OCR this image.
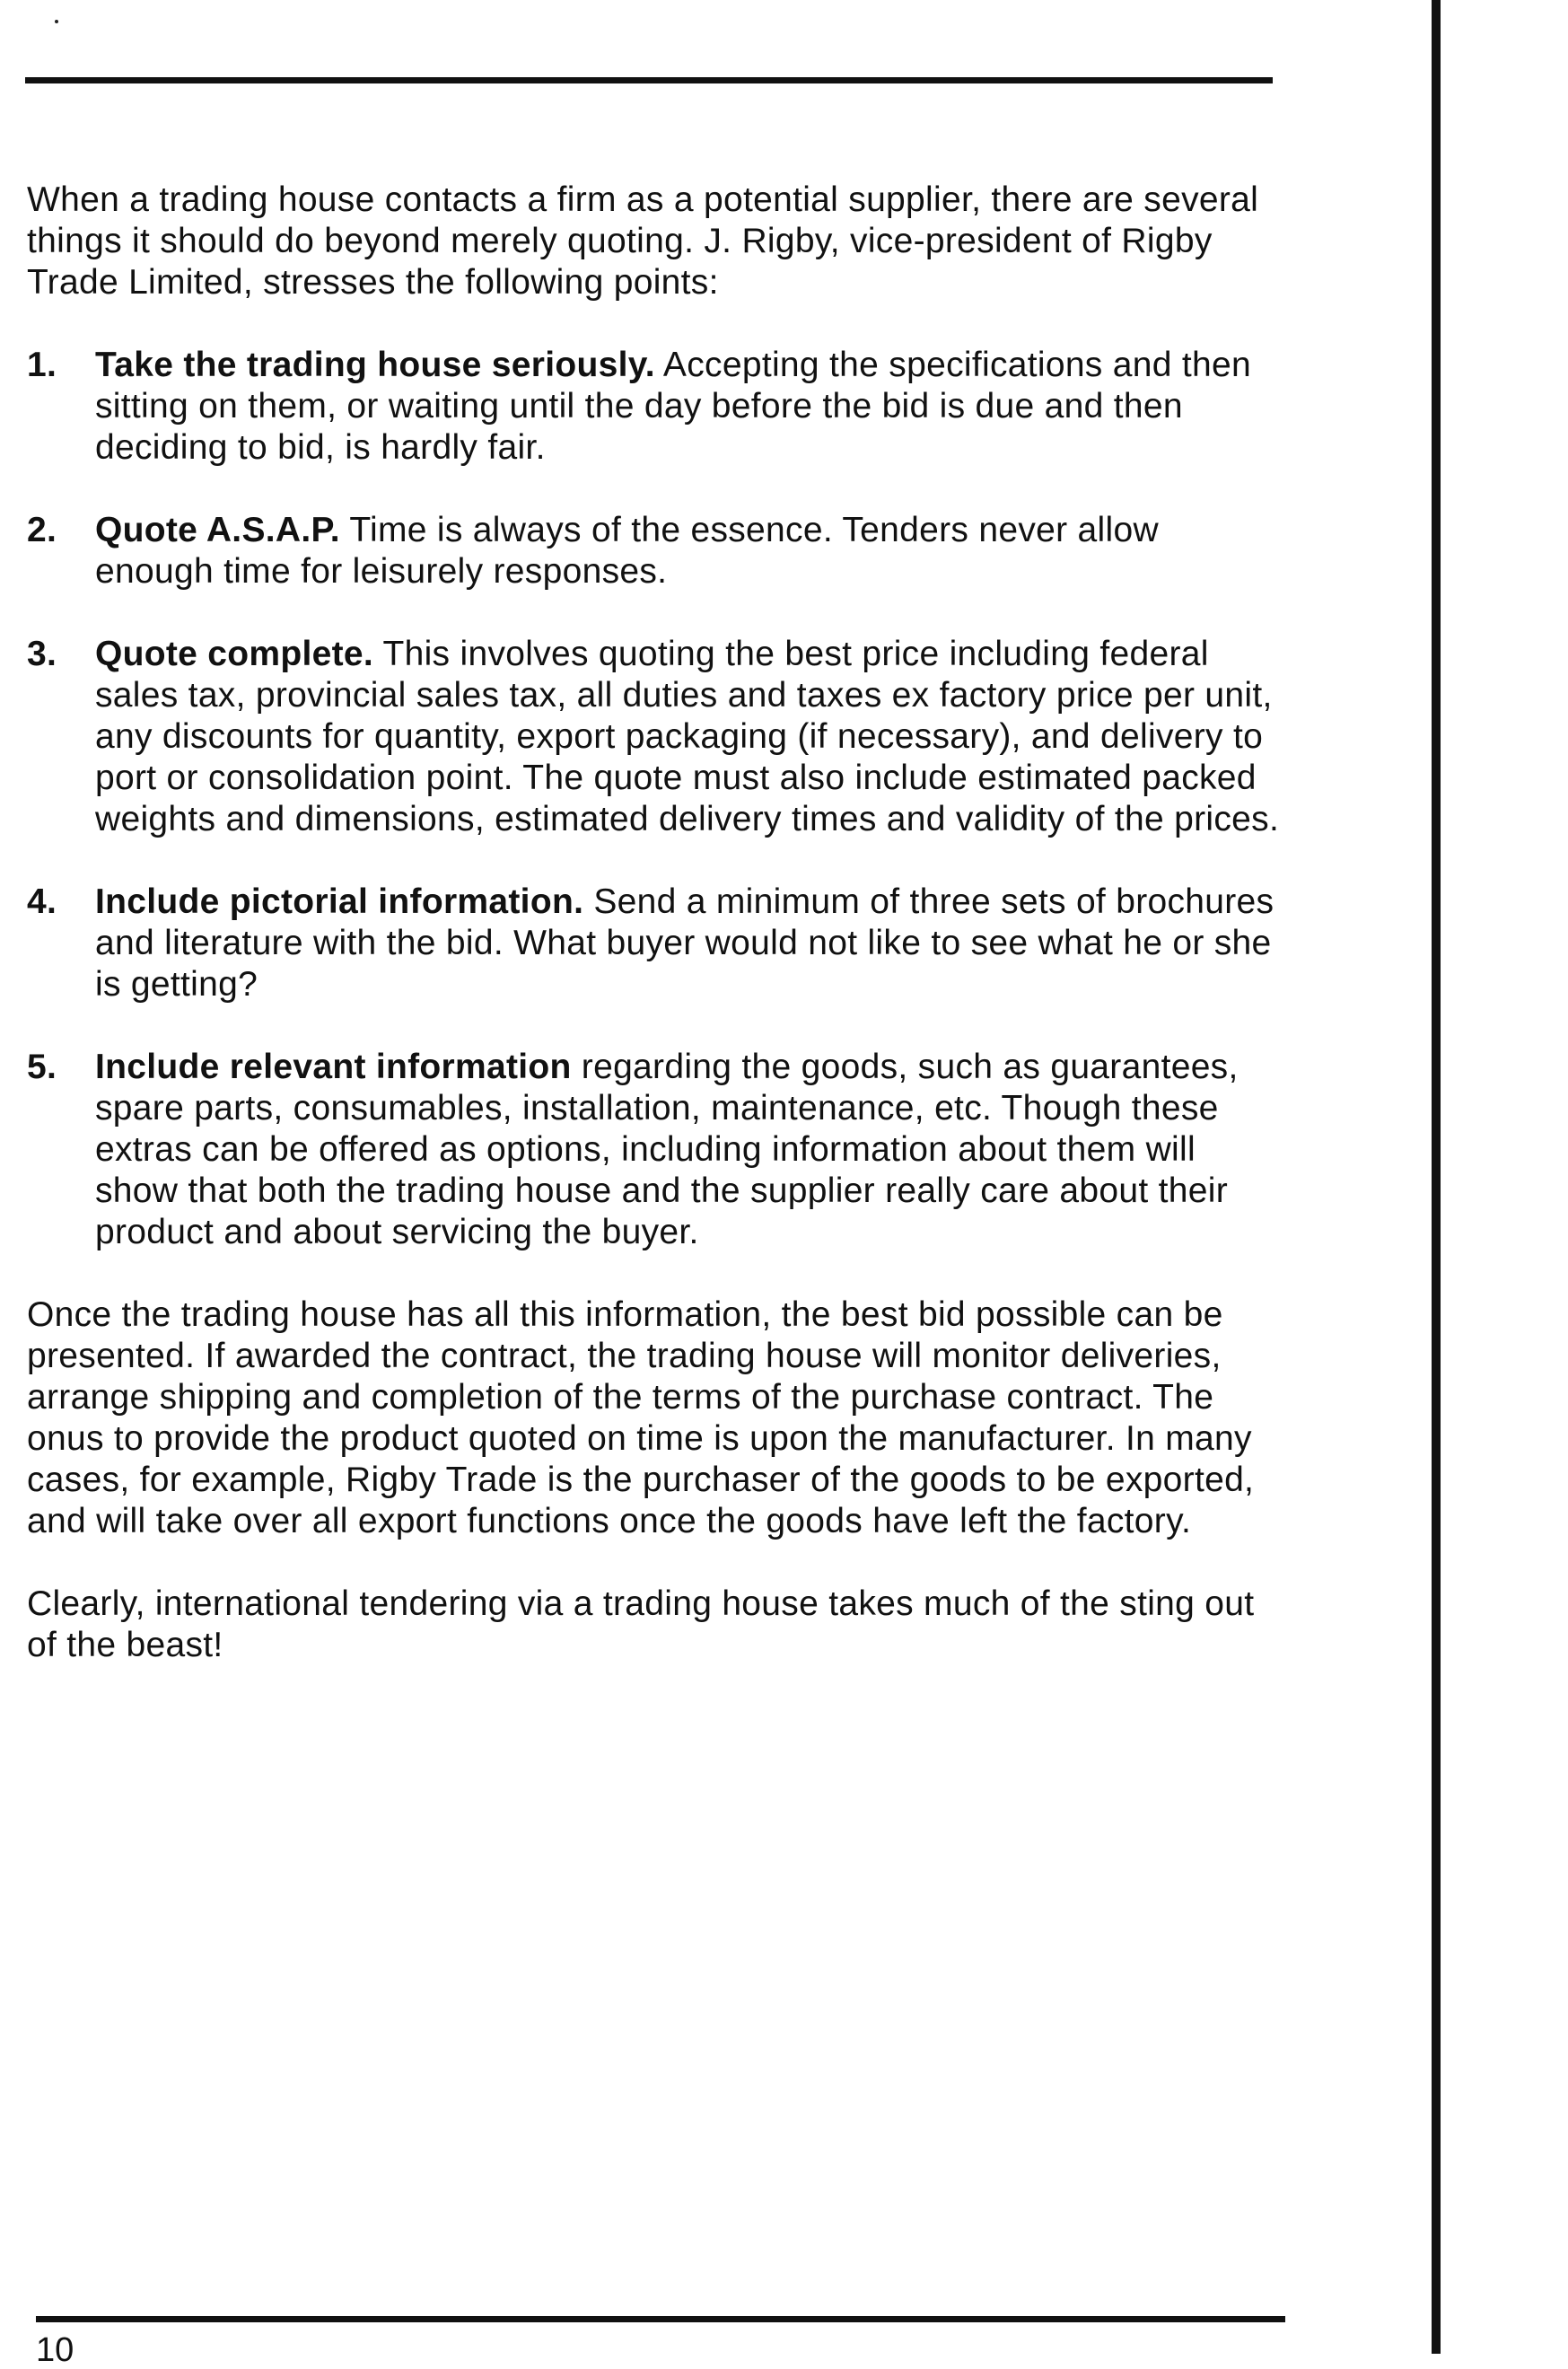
When a trading house contacts a firm as a potential supplier, there are several things it should do beyond merely quoting. J. Rigby, vice-president of Rigby Trade Limited, stresses the following points:

1.	Take the trading house seriously. Accepting the specifications and then sitting on them, or waiting until the day before the bid is due and then deciding to bid, is hardly fair.
2.	Quote A.S.A.P. Time is always of the essence. Tenders never allow enough time for leisurely responses.
3.	Quote complete. This involves quoting the best price including federal sales tax, provincial sales tax, all duties and taxes ex factory price per unit, any discounts for quantity, export packaging (if necessary), and delivery to port or consolidation point. The quote must also include estimated packed weights and dimensions, estimated delivery times and validity of the prices.
4.	Include pictorial information. Send a minimum of three sets of brochures and literature with the bid. What buyer would not like to see what he or she is getting?
5.	Include relevant information regarding the goods, such as guarantees, spare parts, consumables, installation, maintenance, etc. Though these extras can be offered as options, including information about them will show that both the trading house and the supplier really care about their product and about servicing the buyer.

Once the trading house has all this information, the best bid possible can be presented. If awarded the contract, the trading house will monitor deliveries, arrange shipping and completion of the terms of the purchase contract. The onus to provide the product quoted on time is upon the manufacturer. In many cases, for example, Rigby Trade is the purchaser of the goods to be exported, and will take over all export functions once the goods have left the factory.

Clearly, international tendering via a trading house takes much of the sting out of the beast!

10
